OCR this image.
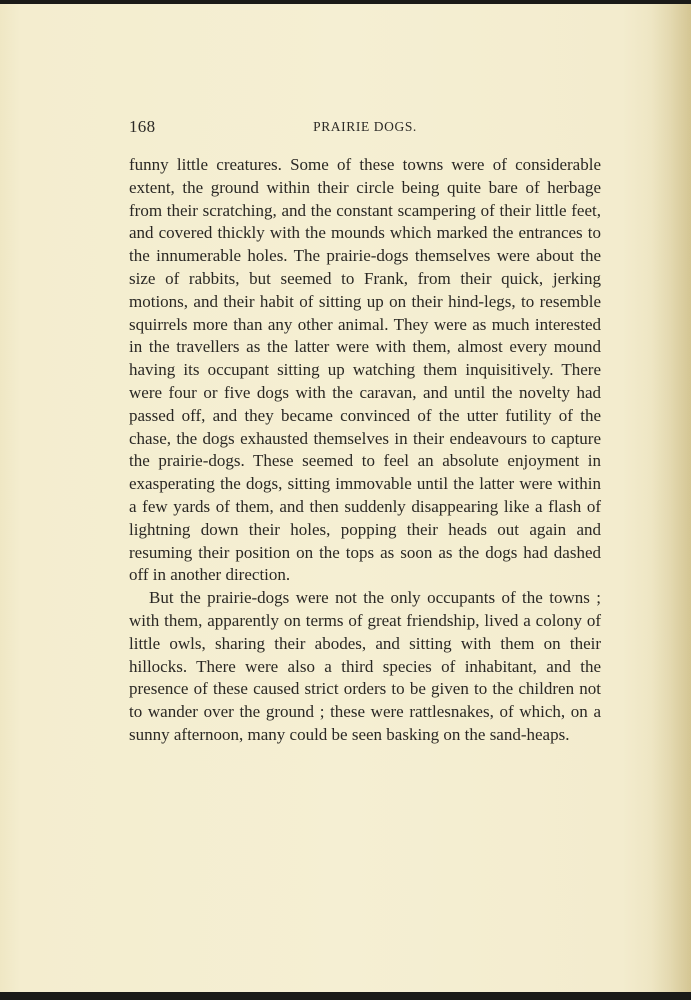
168	PRAIRIE DOGS.

funny little creatures. Some of these towns were of considerable extent, the ground within their circle being quite bare of herbage from their scratching, and the constant scampering of their little feet, and covered thickly with the mounds which marked the entrances to the innumerable holes. The prairie-dogs themselves were about the size of rabbits, but seemed to Frank, from their quick, jerking motions, and their habit of sitting up on their hind-legs, to resemble squirrels more than any other animal. They were as much interested in the travellers as the latter were with them, almost every mound having its occupant sitting up watching them inquisitively. There were four or five dogs with the caravan, and until the novelty had passed off, and they became convinced of the utter futility of the chase, the dogs exhausted themselves in their endeavours to capture the prairie-dogs. These seemed to feel an absolute enjoyment in exasperating the dogs, sitting immovable until the latter were within a few yards of them, and then suddenly disappearing like a flash of lightning down their holes, popping their heads out again and resuming their position on the tops as soon as the dogs had dashed off in another direction.

But the prairie-dogs were not the only occupants of the towns ; with them, apparently on terms of great friendship, lived a colony of little owls, sharing their abodes, and sitting with them on their hillocks. There were also a third species of inhabitant, and the presence of these caused strict orders to be given to the children not to wander over the ground ; these were rattlesnakes, of which, on a sunny afternoon, many could be seen basking on the sand-heaps.
